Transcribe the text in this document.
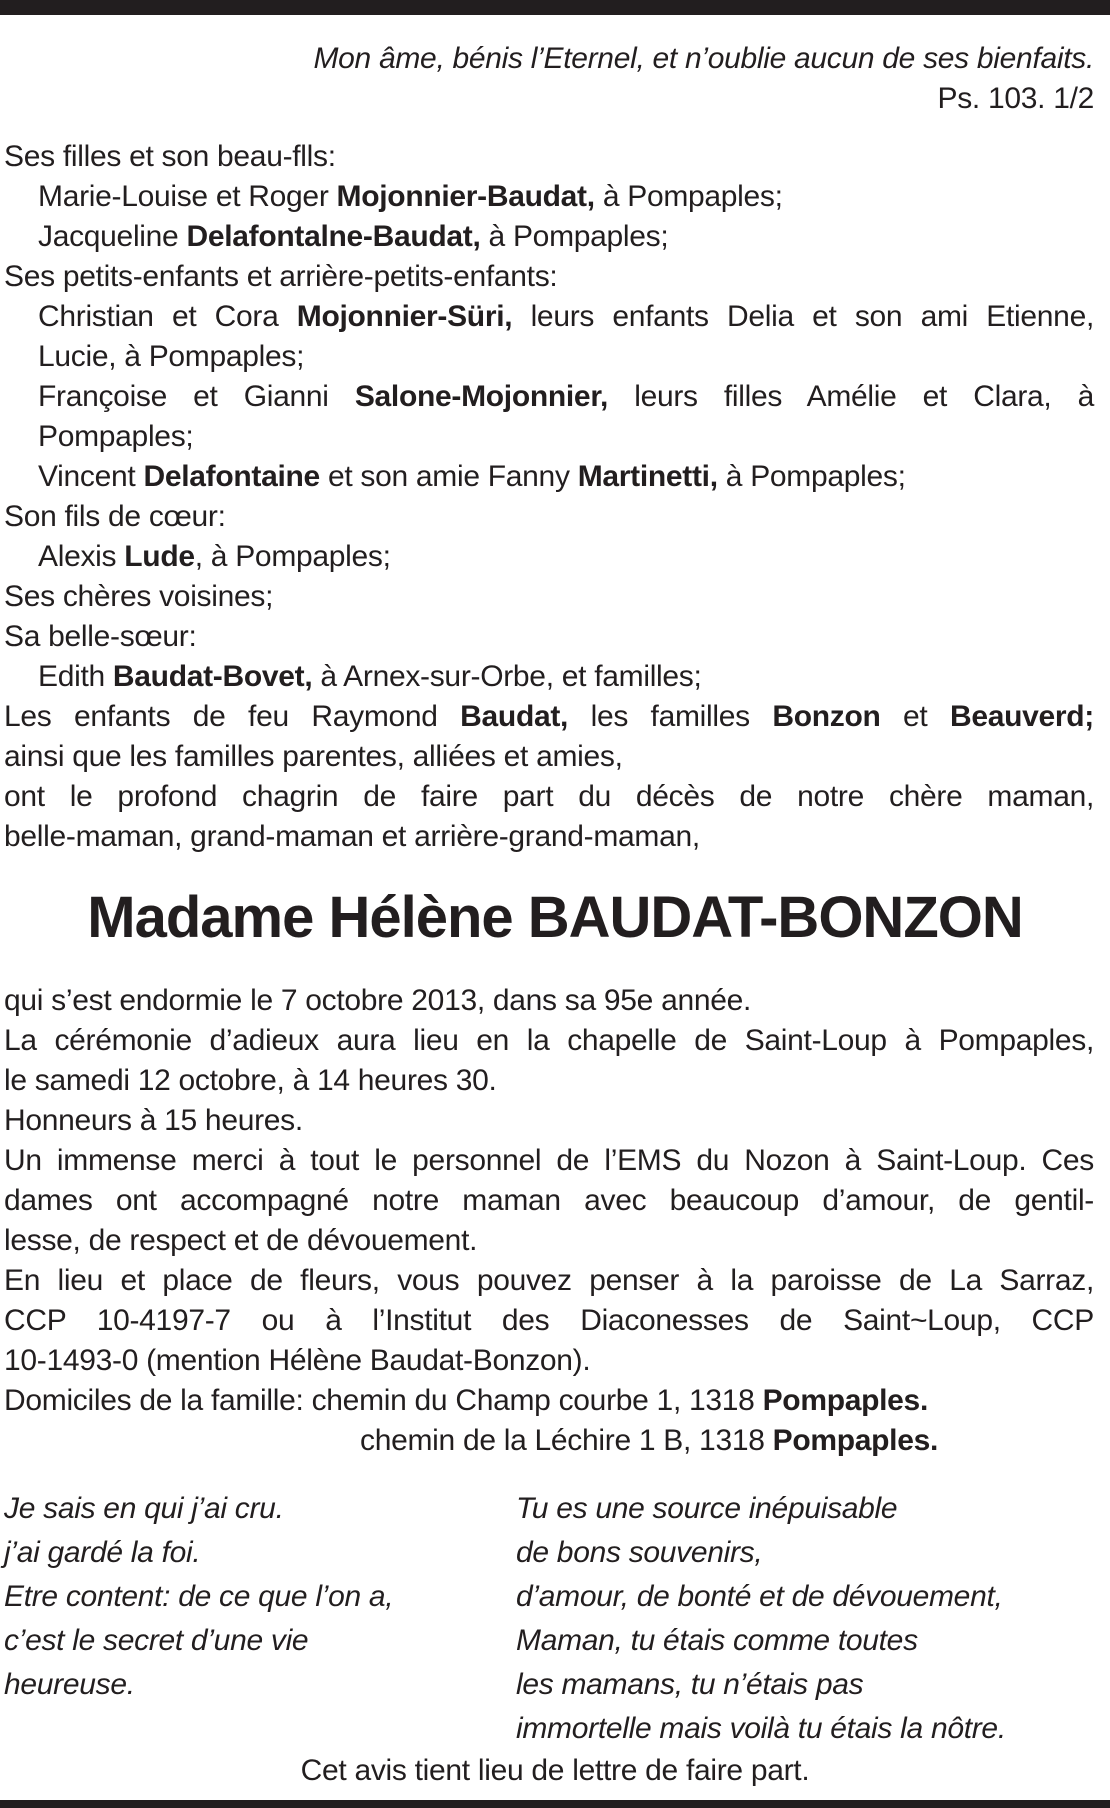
Mon âme, bénis l’Eternel, et n’oublie aucun de ses bienfaits.
Ps. 103. 1/2
Ses filles et son beau-flls:
Marie-Louise et Roger Mojonnier-Baudat, à Pompaples;
Jacqueline Delafontalne-Baudat, à Pompaples;
Ses petits-enfants et arrière-petits-enfants:
Christian et Cora Mojonnier-Süri, leurs enfants Delia et son ami Etienne,
Lucie, à Pompaples;
Françoise et Gianni Salone-Mojonnier, leurs filles Amélie et Clara, à
Pompaples;
Vincent Delafontaine et son amie Fanny Martinetti, à Pompaples;
Son fils de cœur:
Alexis Lude, à Pompaples;
Ses chères voisines;
Sa belle-sœur:
Edith Baudat-Bovet, à Arnex-sur-Orbe, et familles;
Les enfants de feu Raymond Baudat, les familles Bonzon et Beauverd;
ainsi que les familles parentes, alliées et amies,
ont le profond chagrin de faire part du décès de notre chère maman,
belle-maman, grand-maman et arrière-grand-maman,
Madame Hélène BAUDAT-BONZON
qui s’est endormie le 7 octobre 2013, dans sa 95e année.
La cérémonie d’adieux aura lieu en la chapelle de Saint-Loup à Pompaples,
le samedi 12 octobre, à 14 heures 30.
Honneurs à 15 heures.
Un immense merci à tout le personnel de l’EMS du Nozon à Saint-Loup. Ces
dames ont accompagné notre maman avec beaucoup d’amour, de gentil-
lesse, de respect et de dévouement.
En lieu et place de fleurs, vous pouvez penser à la paroisse de La Sarraz,
CCP 10-4197-7 ou à l’Institut des Diaconesses de Saint~Loup, CCP
10-1493-0 (mention Hélène Baudat-Bonzon).
Domiciles de la famille: chemin du Champ courbe 1, 1318 Pompaples.
chemin de la Léchire 1 B, 1318 Pompaples.
Je sais en qui j’ai cru.
j’ai gardé la foi.
Etre content: de ce que l’on a,
c’est le secret d’une vie
heureuse.
Tu es une source inépuisable
de bons souvenirs,
d’amour, de bonté et de dévouement,
Maman, tu étais comme toutes
les mamans, tu n’étais pas
immortelle mais voilà tu étais la nôtre.
Cet avis tient lieu de lettre de faire part.
